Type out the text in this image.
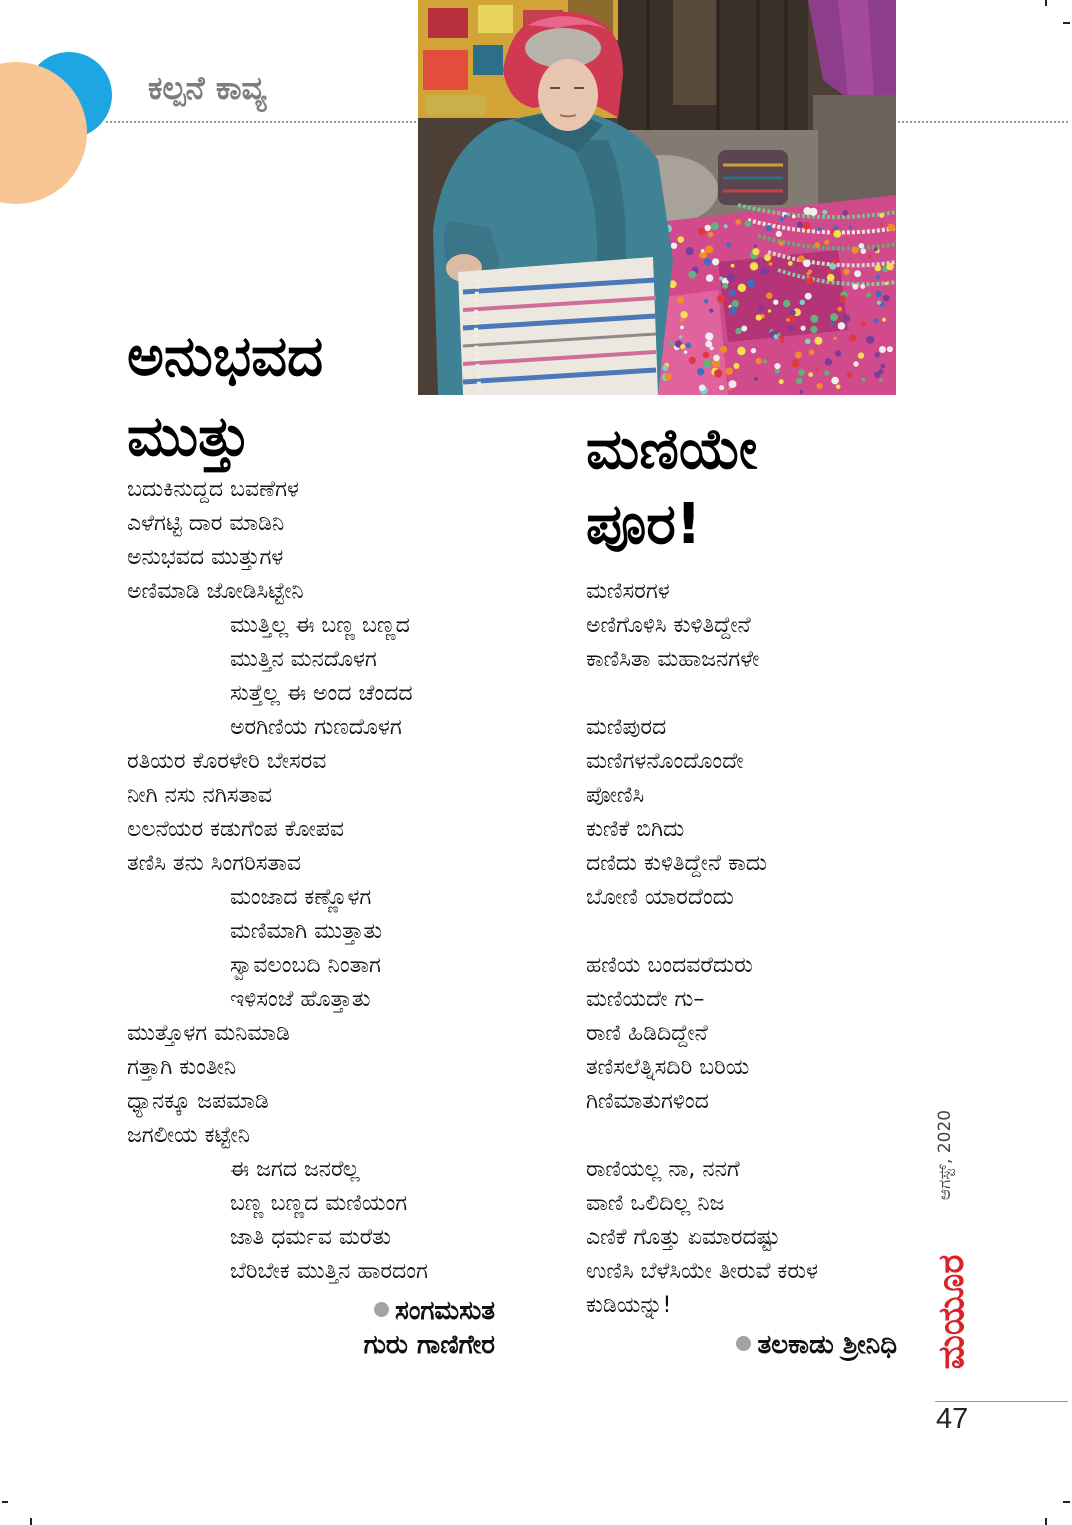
ಕಲ್ಪನೆ ಕಾವ್ಯ
ಅನುಭವದ
ಮುತ್ತು
ಬದುಕಿನುದ್ದದ ಬವಣೆಗಳ
ಎಳೆಗಟ್ಟಿ ದಾರ ಮಾಡಿನಿ
ಅನುಭವದ ಮುತ್ತುಗಳ
ಅಣಿಮಾಡಿ ಜೋಡಿಸಿಟ್ಟೇನಿ
ಮುತ್ತಿಲ್ಲ ಈ ಬಣ್ಣ ಬಣ್ಣದ
ಮುತ್ತಿನ ಮನದೊಳಗ
ಸುತ್ತೆಲ್ಲ ಈ ಅಂದ ಚೆಂದದ
ಅರಗಿಣಿಯ ಗುಣದೊಳಗ
ರತಿಯರ ಕೊರಳೇರಿ ಬೇಸರವ
ನೀಗಿ ನಸು ನಗಿಸತಾವ
ಲಲನೆಯರ ಕಡುಗೆಂಪ ಕೋಪವ
ತಣಿಸಿ ತನು ಸಿಂಗರಿಸತಾವ
ಮಂಜಾದ ಕಣ್ಣೊಳಗ
ಮಣಿಮಾಗಿ ಮುತ್ತಾತು
ಸ್ವಾವಲಂಬದಿ ನಿಂತಾಗ
ಇಳಿಸಂಜೆ ಹೊತ್ತಾತು
ಮುತ್ತೊಳಗ ಮನಿಮಾಡಿ
ಗತ್ತಾಗಿ ಕುಂತೀನಿ
ಧ್ಯಾನಕ್ಕೂ ಜಪಮಾಡಿ
ಜಗಲೀಯ ಕಟ್ಟೇನಿ
ಈ ಜಗದ ಜನರೆಲ್ಲ
ಬಣ್ಣ ಬಣ್ಣದ ಮಣಿಯಂಗ
ಜಾತಿ ಧರ್ಮವ ಮರೆತು
ಬೆರಿಬೇಕ ಮುತ್ತಿನ ಹಾರದಂಗ
ಸಂಗಮಸುತ
ಗುರು ಗಾಣಿಗೇರ
ಮಣಿಯೇ
ಪೂರ!
ಮಣಿಸರಗಳ
ಅಣಿಗೊಳಿಸಿ ಕುಳಿತಿದ್ದೇನೆ
ಕಾಣಿಸಿತಾ ಮಹಾಜನಗಳೇ
ಮಣಿಪುರದ
ಮಣಿಗಳನೊಂದೊಂದೇ
ಪೋಣಿಸಿ
ಕುಣಿಕೆ ಬಿಗಿದು
ದಣಿದು ಕುಳಿತಿದ್ದೇನೆ ಕಾದು
ಬೋಣಿ ಯಾರದೆಂದು
ಹಣಿಯ ಬಂದವರೆದುರು
ಮಣಿಯದೇ ಗು–
ರಾಣಿ ಹಿಡಿದಿದ್ದೇನೆ
ತಣಿಸಲೆತ್ನಿಸದಿರಿ ಬರಿಯ
ಗಿಣಿಮಾತುಗಳಿಂದ
ರಾಣಿಯಲ್ಲ ನಾ, ನನಗೆ
ವಾಣಿ ಒಲಿದಿಲ್ಲ ನಿಜ
ಎಣಿಕೆ ಗೊತ್ತು ಏಮಾರದಷ್ಟು
ಉಣಿಸಿ ಬೆಳೆಸಿಯೇ ತೀರುವೆ ಕರುಳ
ಕುಡಿಯನ್ನು!
ತಲಕಾಡು ಶ್ರೀನಿಧಿ
ಆಗಸ್ಟ್, 2020
ಮಯೂರ
47
